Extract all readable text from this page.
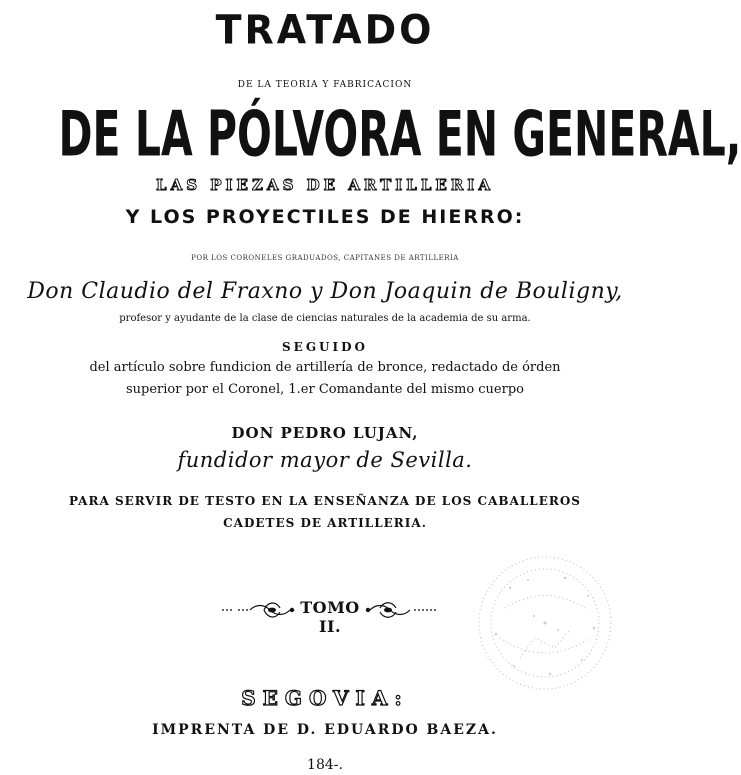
TRATADO
DE LA TEORIA Y FABRICACION
DE LA PÓLVORA EN GENERAL,
LAS PIEZAS DE ARTILLERIA
Y LOS PROYECTILES DE HIERRO:
POR LOS CORONELES GRADUADOS, CAPITANES DE ARTILLERIA
Don Claudio del Fraxno y Don Joaquin de Bouligny,
profesor y ayudante de la clase de ciencias naturales de la academia de su arma.
SEGUIDO
del artículo sobre fundicion de artillería de bronce, redactado de órden
superior por el Coronel, 1.er Comandante del mismo cuerpo
DON PEDRO LUJAN,
fundidor mayor de Sevilla.
PARA SERVIR DE TESTO EN LA ENSEÑANZA DE LOS CABALLEROS
CADETES DE ARTILLERIA.
TOMO II.
SEGOVIA:
IMPRENTA DE D. EDUARDO BAEZA.
184-.
